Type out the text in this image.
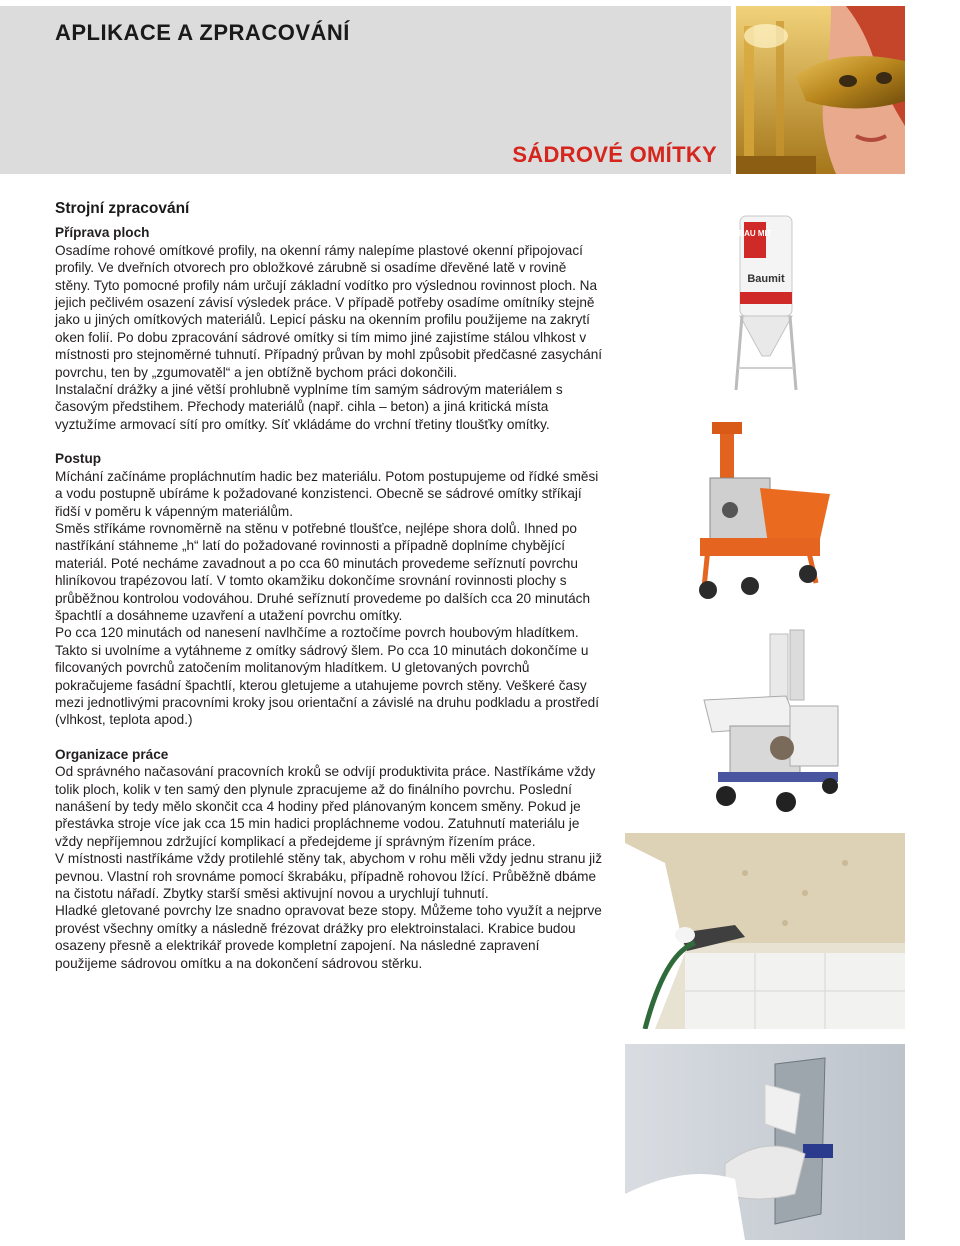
APLIKACE A ZPRACOVÁNÍ
SÁDROVÉ OMÍTKY
BAU MIT
Baumit
Strojní zpracování
Příprava ploch

Osadíme rohové omítkové profily, na okenní rámy nalepíme plastové okenní připojovací profily. Ve dveřních otvorech pro obložkové zárubně si osadíme dřevěné latě v rovině stěny. Tyto pomocné profily nám určují základní vodítko pro výslednou rovinnost ploch. Na jejich pečlivém osazení závisí výsledek práce. V případě potřeby osadíme omítníky stejně jako u jiných omítkových materiálů. Lepicí pásku na okenním profilu použijeme na zakrytí oken folií. Po dobu zpracování sádrové omítky si tím mimo jiné zajistíme stálou vlhkost v místnosti pro stejnoměrné tuhnutí. Případný průvan by mohl způsobit předčasné zasychání povrchu, ten by „zgumovatěl“ a jen obtížně bychom práci dokončili.

Instalační drážky a jiné větší prohlubně vyplníme tím samým sádrovým materiálem s časovým předstihem. Přechody materiálů (např. cihla – beton) a jiná kritická místa vyztužíme armovací sítí pro omítky. Síť vkládáme do vrchní třetiny tloušťky omítky.

Postup

Míchání začínáme propláchnutím hadic bez materiálu. Potom postupujeme od řídké směsi a vodu postupně ubíráme k požadované konzistenci. Obecně se sádrové omítky stříkají řidší v poměru k vápenným materiálům.

Směs stříkáme rovnoměrně na stěnu v potřebné tloušťce, nejlépe shora dolů. Ihned po nastříkání stáhneme „h“ latí do požadované rovinnosti a případně doplníme chybějící materiál. Poté necháme zavadnout a po cca 60 minutách provedeme seříznutí povrchu hliníkovou trapézovou latí. V tomto okamžiku dokončíme srovnání rovinnosti plochy s průběžnou kontrolou vodováhou. Druhé seříznutí provedeme po dalších cca 20 minutách špachtlí a dosáhneme uzavření a utažení povrchu omítky.

Po cca 120 minutách od nanesení navlhčíme a roztočíme povrch houbovým hladítkem. Takto si uvolníme a vytáhneme z omítky sádrový šlem. Po cca 10 minutách dokončíme u filcovaných povrchů zatočením molitanovým hladítkem. U gletovaných povrchů pokračujeme fasádní špachtlí, kterou gletujeme a utahujeme povrch stěny. Veškeré časy mezi jednotlivými pracovními kroky jsou orientační a závislé na druhu podkladu a prostředí (vlhkost, teplota apod.)

Organizace práce

Od správného načasování pracovních kroků se odvíjí produktivita práce. Nastříkáme vždy tolik ploch, kolik v ten samý den plynule zpracujeme až do finálního povrchu. Poslední nanášení by tedy mělo skončit cca 4 hodiny před plánovaným koncem směny. Pokud je přestávka stroje více jak cca 15 min hadici propláchneme vodou. Zatuhnutí materiálu je vždy nepříjemnou zdržující komplikací a předejdeme jí správným řízením práce.

V místnosti nastříkáme vždy protilehlé stěny tak, abychom v rohu měli vždy jednu stranu již pevnou. Vlastní roh srovnáme pomocí škrabáku, případně rohovou lžící. Průběžně dbáme na čistotu nářadí. Zbytky starší směsi aktivujní novou a urychlují tuhnutí.

Hladké gletované povrchy lze snadno opravovat beze stopy. Můžeme toho využít a nejprve provést všechny omítky a následně frézovat drážky pro elektroinstalaci. Krabice budou osazeny přesně a elektrikář provede kompletní zapojení. Na následné zapravení použijeme sádrovou omítku a na dokončení sádrovou stěrku.
